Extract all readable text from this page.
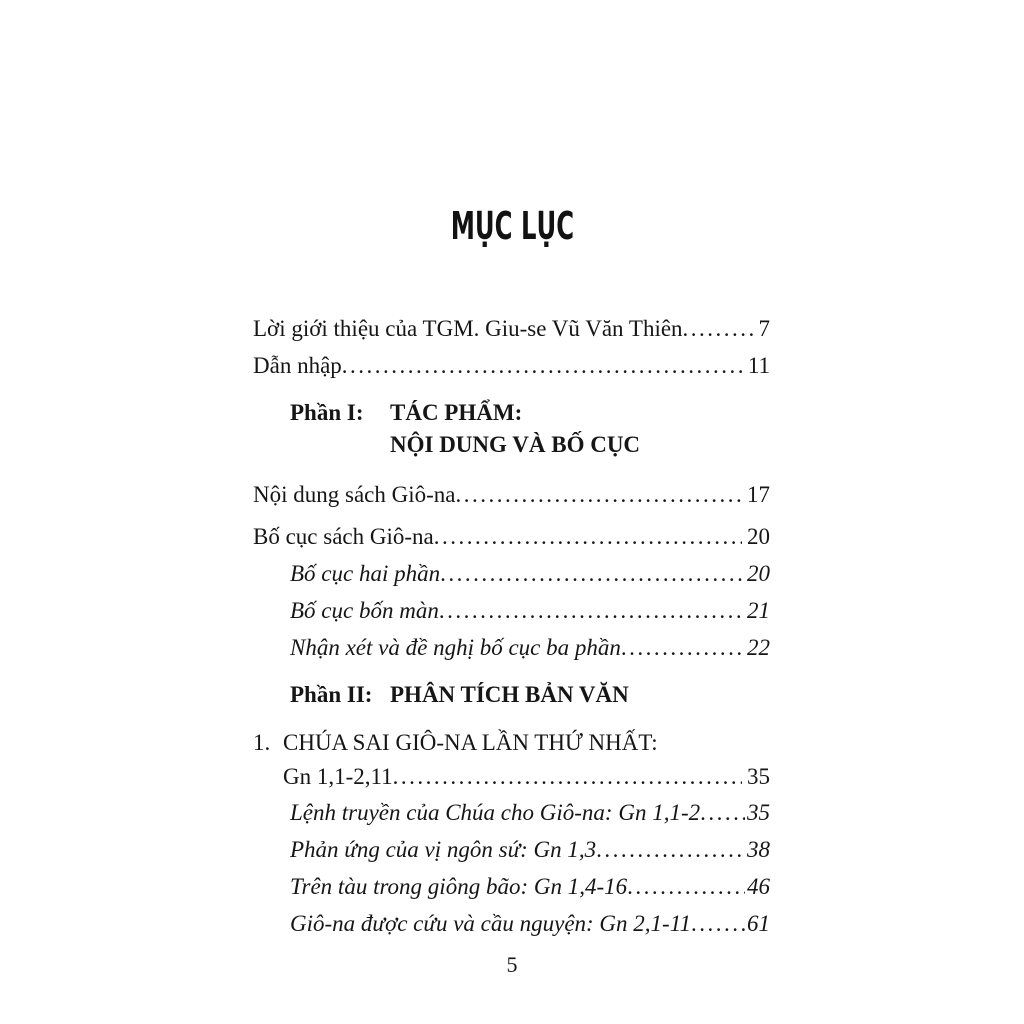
MỤC LỤC
Lời giới thiệu của TGM. Giu-se Vũ Văn Thiên .....	7
Dẫn nhập .....	11
Phần I:	TÁC PHẨM:
NỘI DUNG VÀ BỐ CỤC
Nội dung sách Giô-na .....	17
Bố cục sách Giô-na .....	20
Bố cục hai phần .....	20
Bố cục bốn màn .....	21
Nhận xét và đề nghị bố cục ba phần .....	22
Phần II: PHÂN TÍCH BẢN VĂN
1. CHÚA SAI GIÔ-NA LẦN THỨ NHẤT:
Gn 1,1-2,11 .....	35
Lệnh truyền của Chúa cho Giô-na: Gn 1,1-2 ..... 35
Phản ứng của vị ngôn sứ: Gn 1,3 .....	38
Trên tàu trong giông bão: Gn 1,4-16 .....	46
Giô-na được cứu và cầu nguyện: Gn 2,1-11 ..... 61
5
